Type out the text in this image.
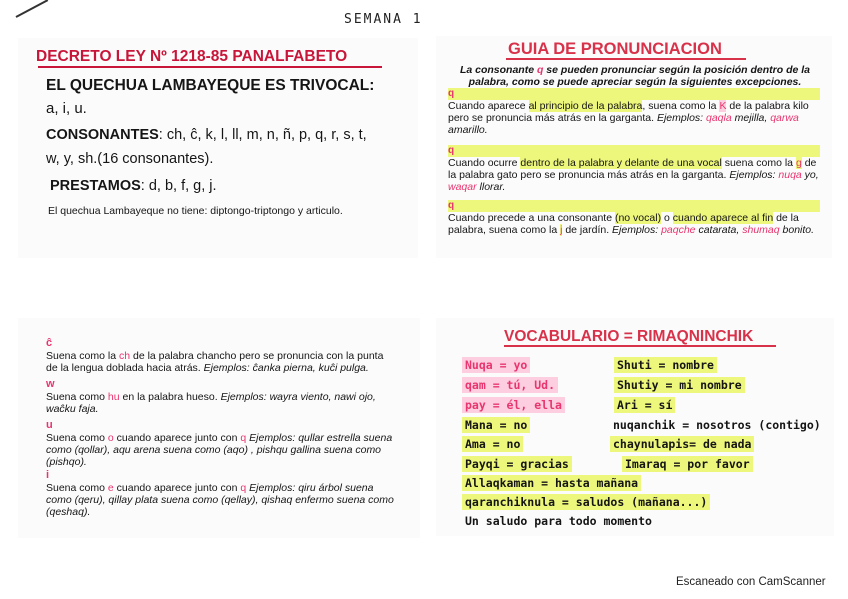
SEMANA 1
DECRETO LEY Nº 1218-85 PANALFABETO
EL QUECHUA LAMBAYEQUE ES TRIVOCAL:
a, i, u.
CONSONANTES: ch, ĉ, k, l, ll, m, n, ñ, p, q, r, s, t,
w, y, sh.(16 consonantes).
PRESTAMOS: d, b, f, g, j.
El quechua Lambayeque no tiene: diptongo-triptongo y articulo.
GUIA DE PRONUNCIACION
La consonante q se pueden pronunciar según la posición dentro de la palabra, como se puede apreciar según la siguientes excepciones.
q
Cuando aparece al principio de la palabra, suena como la K de la palabra kilo pero se pronuncia más atrás en la garganta. Ejemplos: qaqla mejilla, qarwa amarillo.
q
Cuando ocurre dentro de la palabra y delante de una vocal suena como la g de la palabra gato pero se pronuncia más atrás en la garganta. Ejemplos: nuqa yo, waqar llorar.
q
Cuando precede a una consonante (no vocal) o cuando aparece al fin de la palabra, suena como la j de jardín. Ejemplos: paqche catarata, shumaq bonito.
ĉ
Suena como la ch de la palabra chancho pero se pronuncia con la punta de la lengua doblada hacia atrás. Ejemplos: ĉanka pierna, kuĉi pulga.
w
Suena como hu en la palabra hueso. Ejemplos: wayra viento, nawi ojo, waĉku faja.
u
Suena como o cuando aparece junto con q Ejemplos: qullar estrella suena como (qollar), aqu arena suena como (aqo) , pishqu gallina suena como (pishqo).
i
Suena como e cuando aparece junto con q Ejemplos: qiru árbol suena como (qeru), qillay plata suena como (qellay), qishaq enfermo suena como (qeshaq).
VOCABULARIO = RIMAQNINCHIK
Nuqa = yo
qam = tú, Ud.
pay = él, ella
Mana = no
Ama = no
Payqi = gracias
Allaqkaman = hasta mañana
qaranchiknula = saludos (mañana...)
Un saludo para todo momento
Shuti = nombre
Shutiy = mi nombre
Ari = sí
nuqanchik = nosotros (contigo)
chaynulapis= de nada
Imaraq = por favor
Escaneado con CamScanner
